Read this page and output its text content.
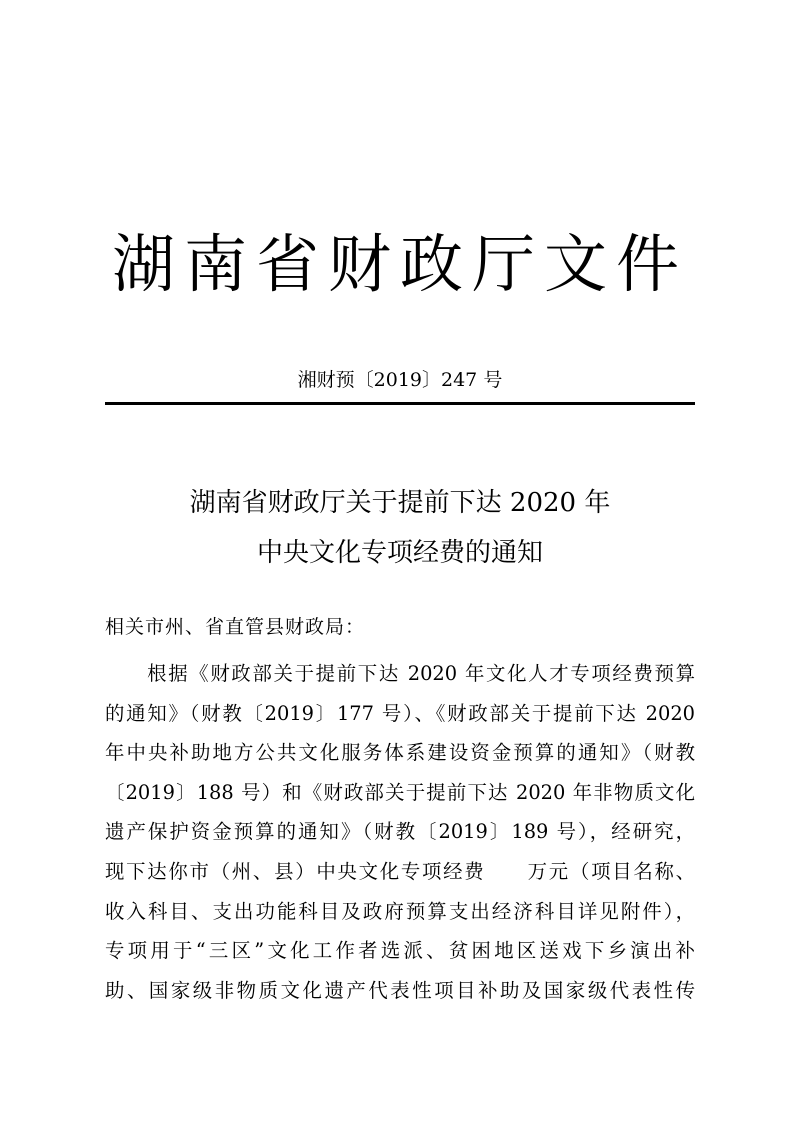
湖南省财政厅文件
湘财预〔2019〕247 号
湖南省财政厅关于提前下达 2020 年
中央文化专项经费的通知
相关市州、省直管县财政局：
　　根据《财政部关于提前下达 2020 年文化人才专项经费预算
的通知》（财教〔2019〕177 号）、《财政部关于提前下达 2020
年中央补助地方公共文化服务体系建设资金预算的通知》（财教
〔2019〕188 号）和《财政部关于提前下达 2020 年非物质文化
遗产保护资金预算的通知》（财教〔2019〕189 号），经研究，
现下达你市（州、县）中央文化专项经费　　万元（项目名称、
收入科目、支出功能科目及政府预算支出经济科目详见附件），
专项用于“三区”文化工作者选派、贫困地区送戏下乡演出补
助、国家级非物质文化遗产代表性项目补助及国家级代表性传
